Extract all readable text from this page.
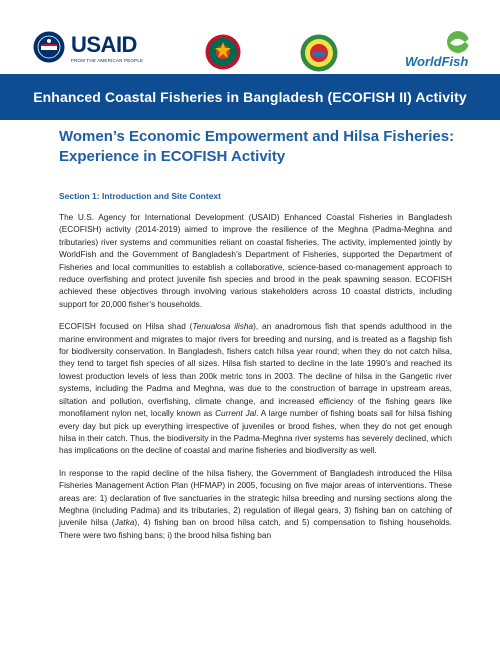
USAID
FROM THE AMERICAN PEOPLE	WorldFish
Enhanced Coastal Fisheries in Bangladesh (ECOFISH II) Activity
Women’s Economic Empowerment and Hilsa Fisheries: Experience in ECOFISH Activity
Section 1: Introduction and Site Context

The U.S. Agency for International Development (USAID) Enhanced Coastal Fisheries in Bangladesh (ECOFISH) activity (2014-2019) aimed to improve the resilience of the Meghna (Padma-Meghna and tributaries) river systems and communities reliant on coastal fisheries. The activity, implemented jointly by WorldFish and the Government of Bangladesh’s Department of Fisheries, supported the Department of Fisheries and local communities to establish a collaborative, science-based co-management approach to reduce overfishing and protect juvenile fish species and brood in the peak spawning season. ECOFISH achieved these objectives through involving various stakeholders across 10 coastal districts, including support for 20,000 fisher’s households.

ECOFISH focused on Hilsa shad (Tenualosa ilisha), an anadromous fish that spends adulthood in the marine environment and migrates to major rivers for breeding and nursing, and is treated as a flagship fish for biodiversity conservation. In Bangladesh, fishers catch hilsa year round; when they do not catch hilsa, they tend to target fish species of all sizes. Hilsa fish started to decline in the late 1990’s and reached its lowest production levels of less than 200k metric tons in 2003. The decline of hilsa in the Gangetic river systems, including the Padma and Meghna, was due to the construction of barrage in upstream areas, siltation and pollution, overfishing, climate change, and increased efficiency of the fishing gears like monofilament nylon net, locally known as Current Jal. A large number of fishing boats sail for hilsa fishing every day but pick up everything irrespective of juveniles or brood fishes, when they do not get enough hilsa in their catch. Thus, the biodiversity in the Padma-Meghna river systems has severely declined, which has implications on the decline of coastal and marine fisheries and biodiversity as well.

In response to the rapid decline of the hilsa fishery, the Government of Bangladesh introduced the Hilsa Fisheries Management Action Plan (HFMAP) in 2005, focusing on five major areas of interventions. These areas are: 1) declaration of five sanctuaries in the strategic hilsa breeding and nursing sections along the Meghna (including Padma) and its tributaries, 2) regulation of illegal gears, 3) fishing ban on catching of juvenile hilsa (Jatka), 4) fishing ban on brood hilsa catch, and 5) compensation to fishing households. There were two fishing bans; i) the brood hilsa fishing ban
